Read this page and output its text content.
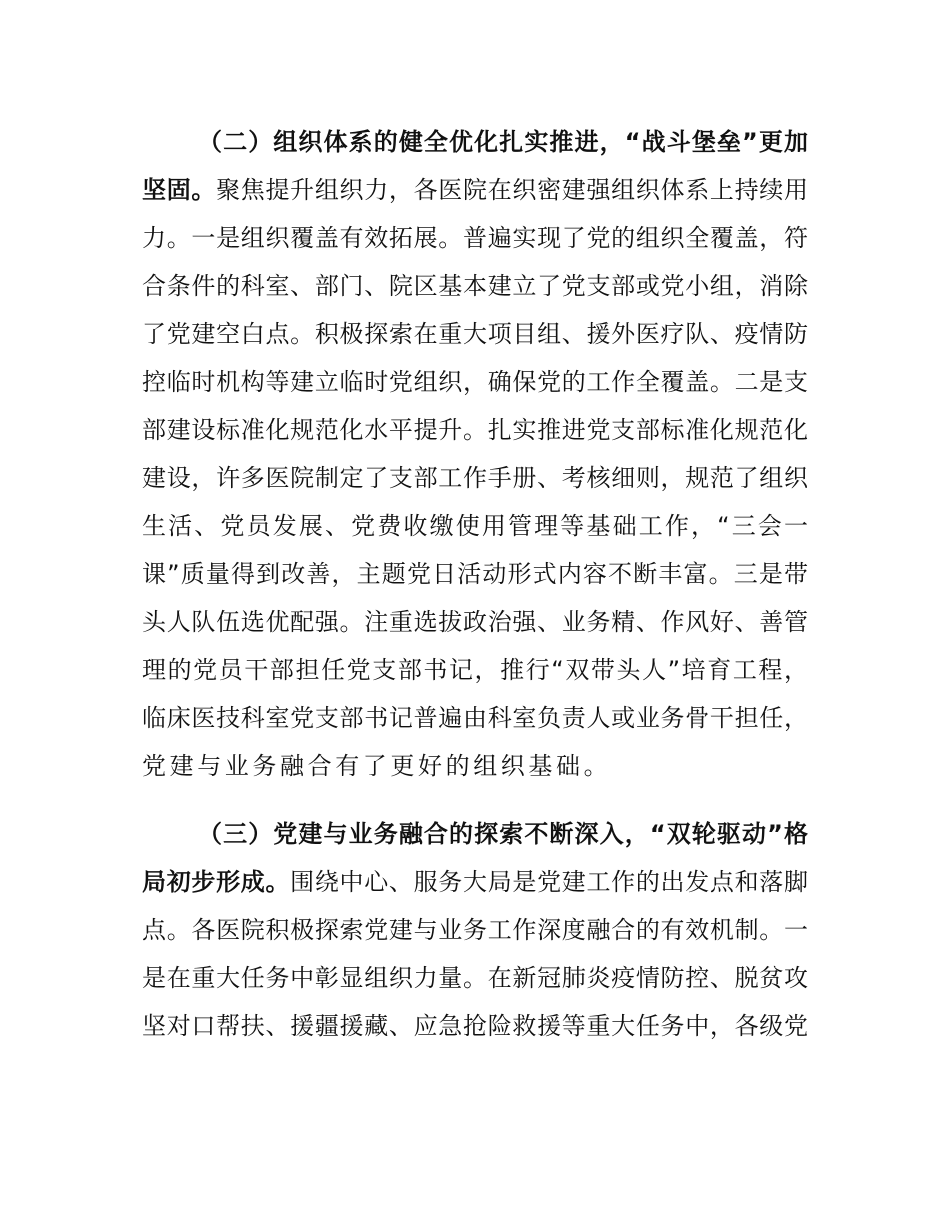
（二）组织体系的健全优化扎实推进，“战斗堡垒”更加
坚固。聚焦提升组织力，各医院在织密建强组织体系上持续用
力。一是组织覆盖有效拓展。普遍实现了党的组织全覆盖，符
合条件的科室、部门、院区基本建立了党支部或党小组，消除
了党建空白点。积极探索在重大项目组、援外医疗队、疫情防
控临时机构等建立临时党组织，确保党的工作全覆盖。二是支
部建设标准化规范化水平提升。扎实推进党支部标准化规范化
建设，许多医院制定了支部工作手册、考核细则，规范了组织
生活、党员发展、党费收缴使用管理等基础工作，“三会一
课”质量得到改善，主题党日活动形式内容不断丰富。三是带
头人队伍选优配强。注重选拔政治强、业务精、作风好、善管
理的党员干部担任党支部书记，推行“双带头人”培育工程，
临床医技科室党支部书记普遍由科室负责人或业务骨干担任，
党建与业务融合有了更好的组织基础。
（三）党建与业务融合的探索不断深入，“双轮驱动”格
局初步形成。围绕中心、服务大局是党建工作的出发点和落脚
点。各医院积极探索党建与业务工作深度融合的有效机制。一
是在重大任务中彰显组织力量。在新冠肺炎疫情防控、脱贫攻
坚对口帮扶、援疆援藏、应急抢险救援等重大任务中，各级党
